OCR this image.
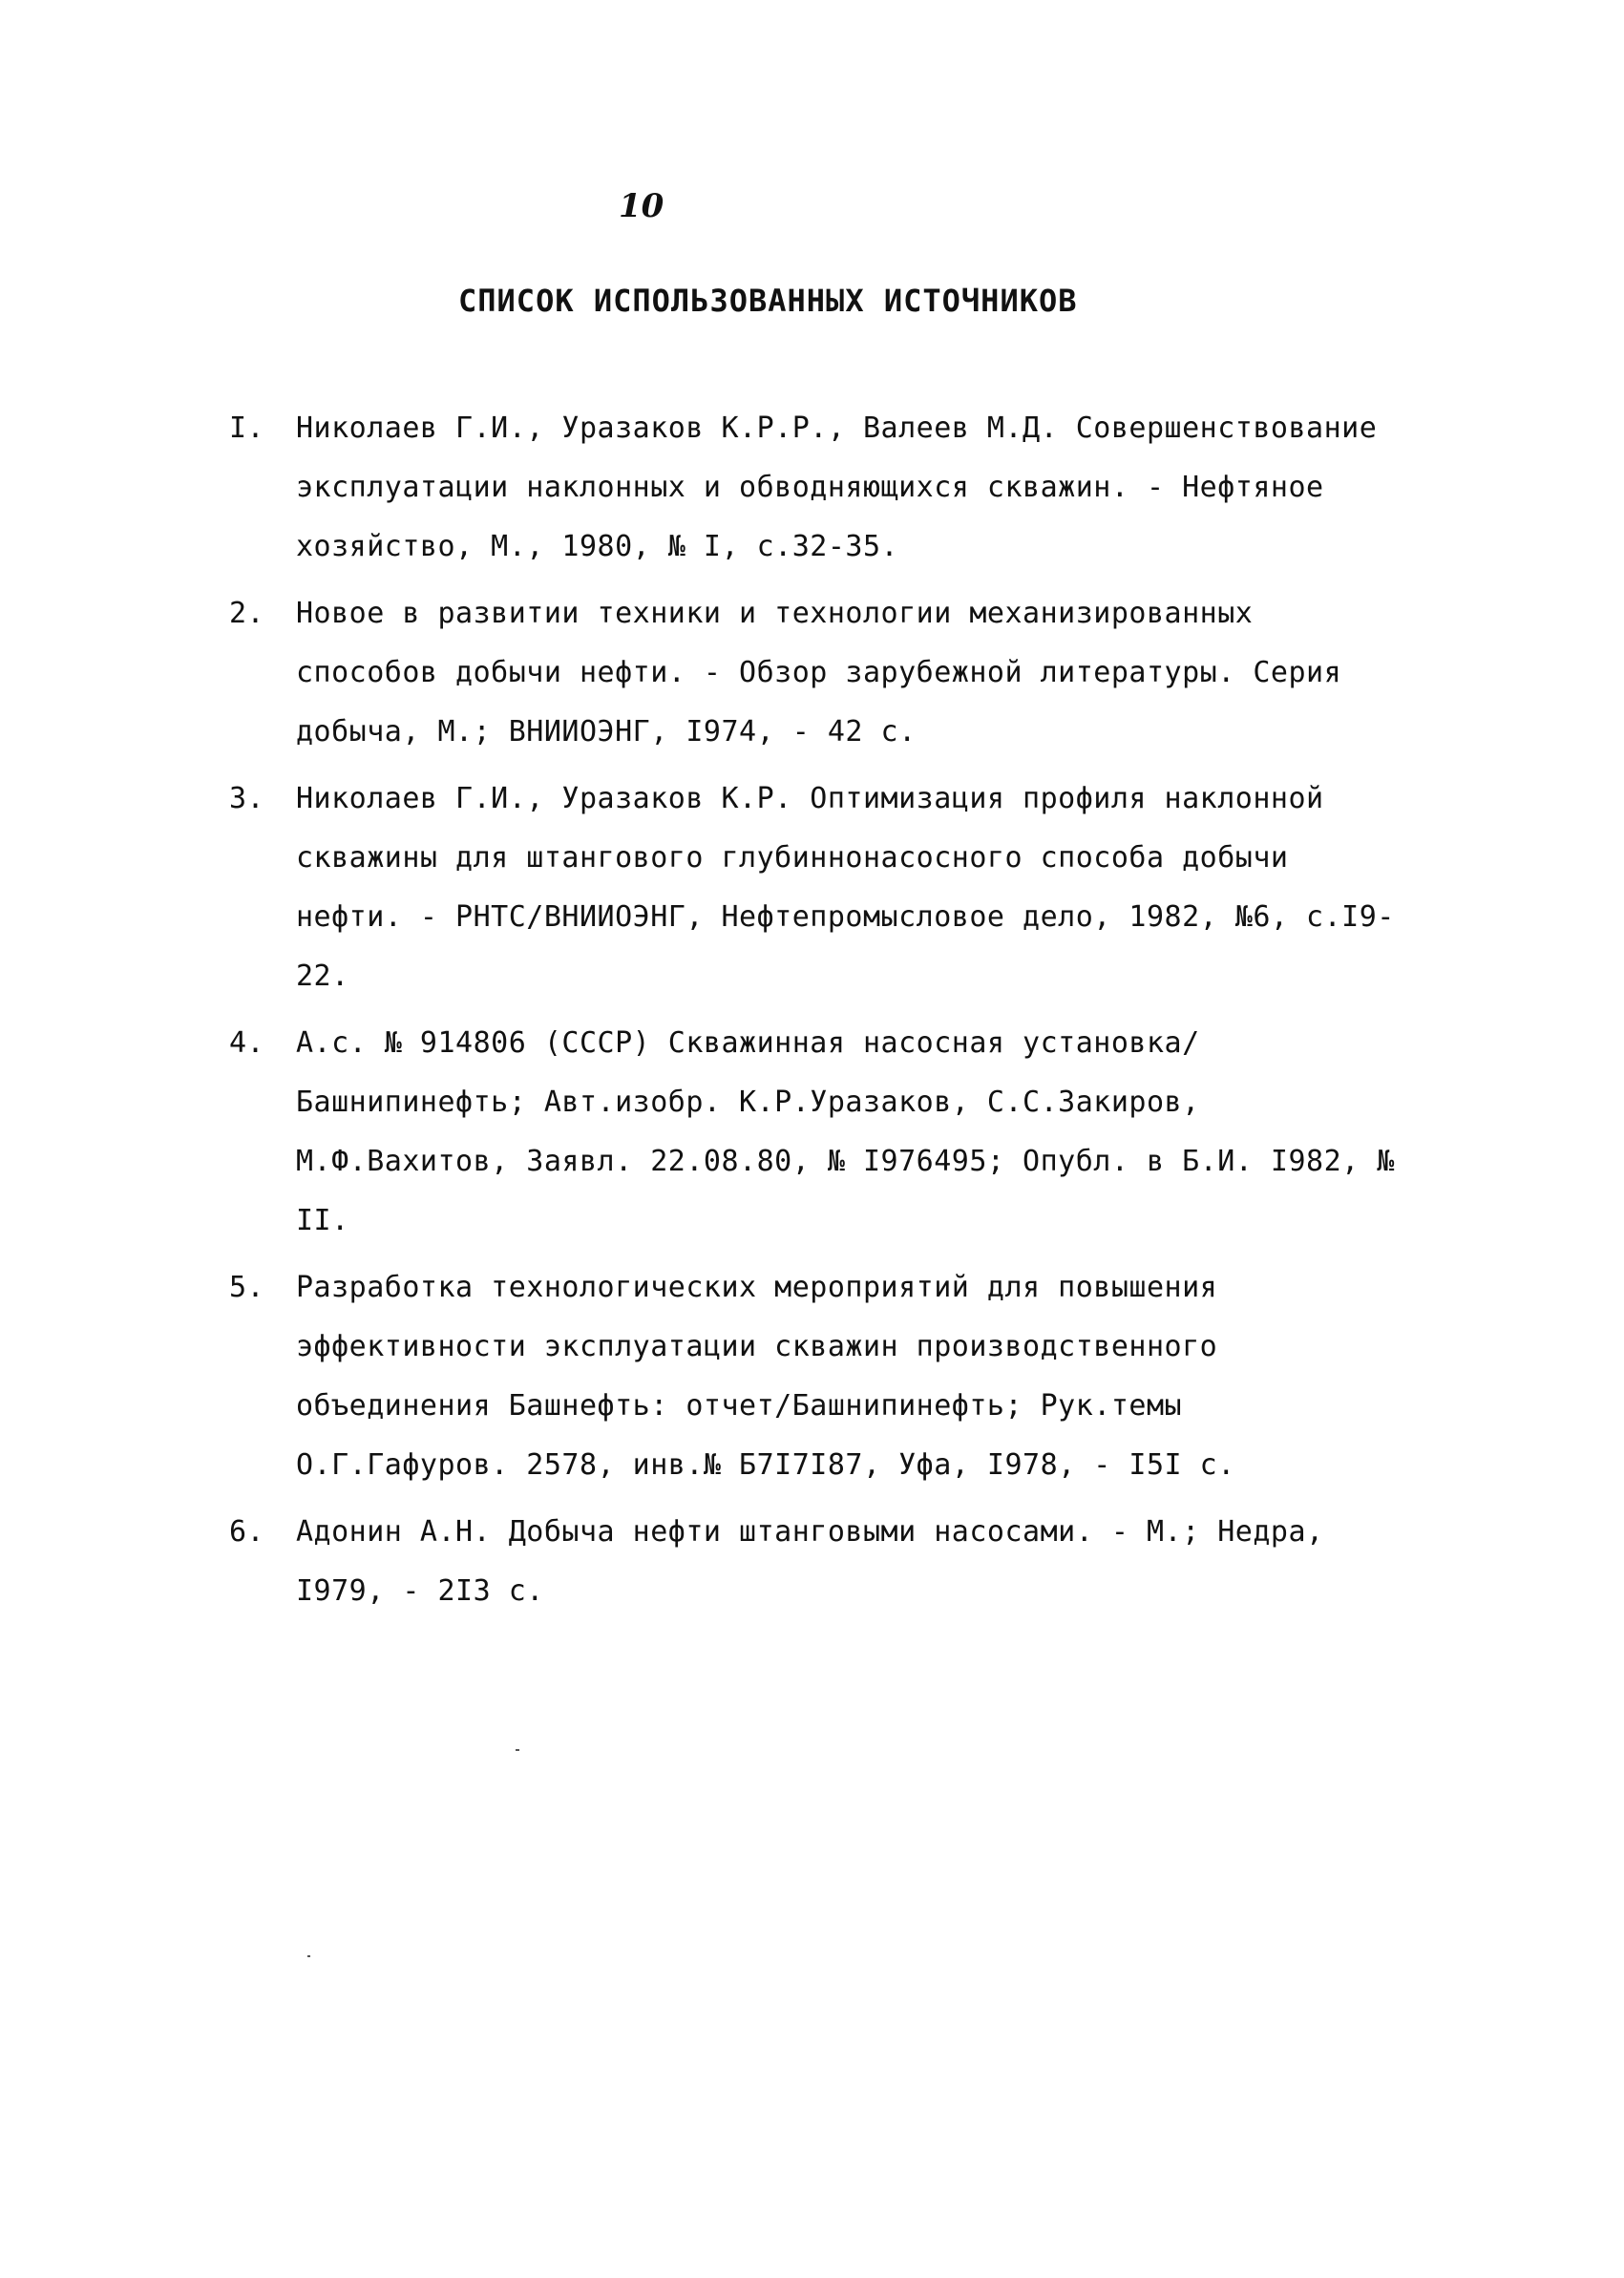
10
СПИСОК ИСПОЛЬЗОВАННЫХ ИСТОЧНИКОВ
I. Николаев Г.И., Уразаков К.Р.Р., Валеев М.Д. Совершенствование эксплуатации наклонных и обводняющихся скважин. - Нефтяное хозяйство, М., 1980, № I, с.32-35.
2. Новое в развитии техники и технологии механизированных способов добычи нефти. - Обзор зарубежной литературы. Серия добыча, М.; ВНИИОЭНГ, I974, - 42 с.
3. Николаев Г.И., Уразаков К.Р. Оптимизация профиля наклонной скважины для штангового глубиннонасосного способа добычи нефти. - РНТС/ВНИИОЭНГ, Нефтепромысловое дело, 1982, №6, с.I9-22.
4. А.с. № 914806 (СССР) Скважинная насосная установка/Башнипинефть; Авт.изобр. К.Р.Уразаков, С.С.Закиров, М.Ф.Вахитов, Заявл. 22.08.80, № I976495; Опубл. в Б.И. I982, № II.
5. Разработка технологических мероприятий для повышения эффективности эксплуатации скважин производственного объединения Башнефть: отчет/Башнипинефть; Рук.темы О.Г.Гафуров. 2578, инв.№ Б7I7I87, Уфа, I978, - I5I с.
6. Адонин А.Н. Добыча нефти штанговыми насосами. - М.; Недра, I979, - 2I3 с.
